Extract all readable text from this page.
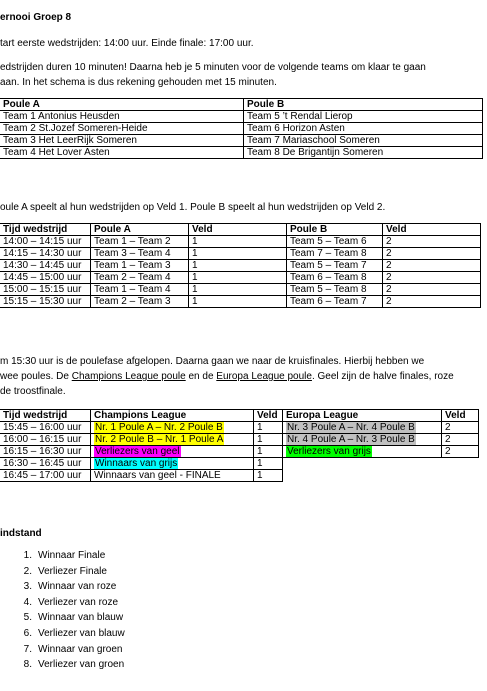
ernooi Groep 8
tart eerste wedstrijden: 14:00 uur. Einde finale: 17:00 uur.
edstrijden duren 10 minuten! Daarna heb je 5 minuten voor de volgende teams om klaar te gaan
aan. In het schema is dus rekening gehouden met 15 minuten.
Poule A	Poule B
Team 1 Antonius Heusden	Team 5 ’t Rendal Lierop
Team 2 St.Jozef Someren-Heide	Team 6 Horizon Asten
Team 3 Het LeerRijk Someren	Team 7 Mariaschool Someren
Team 4 Het Lover Asten	Team 8 De Brigantijn Someren
oule A speelt al hun wedstrijden op Veld 1. Poule B speelt al hun wedstrijden op Veld 2.
Tijd wedstrijd	Poule A	Veld	Poule B	Veld
14:00 – 14:15 uur	Team 1 – Team 2	1	Team 5 – Team 6	2
14:15 – 14:30 uur	Team 3 – Team 4	1	Team 7 – Team 8	2
14:30 – 14:45 uur	Team 1 – Team 3	1	Team 5 – Team 7	2
14:45 – 15:00 uur	Team 2 – Team 4	1	Team 6 – Team 8	2
15:00 – 15:15 uur	Team 1 – Team 4	1	Team 5 – Team 8	2
15:15 – 15:30 uur	Team 2 – Team 3	1	Team 6 – Team 7	2
m 15:30 uur is de poulefase afgelopen. Daarna gaan we naar de kruisfinales. Hierbij hebben we
wee poules. De Champions League poule en de Europa League poule. Geel zijn de halve finales, roze
de troostfinale.
Tijd wedstrijd	Champions League	Veld	Europa League	Veld
15:45 – 16:00 uur	Nr. 1 Poule A – Nr. 2 Poule B	1	Nr. 3 Poule A – Nr. 4 Poule B	2
16:00 – 16:15 uur	Nr. 2 Poule B – Nr. 1 Poule A	1	Nr. 4 Poule A – Nr. 3 Poule B	2
16:15 – 16:30 uur	Verliezers van geel	1	Verliezers van grijs	2
16:30 – 16:45 uur	Winnaars van grijs	1		
16:45 – 17:00 uur	Winnaars van geel - FINALE	1		
indstand
1. Winnaar Finale
2. Verliezer Finale
3. Winnaar van roze
4. Verliezer van roze
5. Winnaar van blauw
6. Verliezer van blauw
7. Winnaar van groen
8. Verliezer van groen
